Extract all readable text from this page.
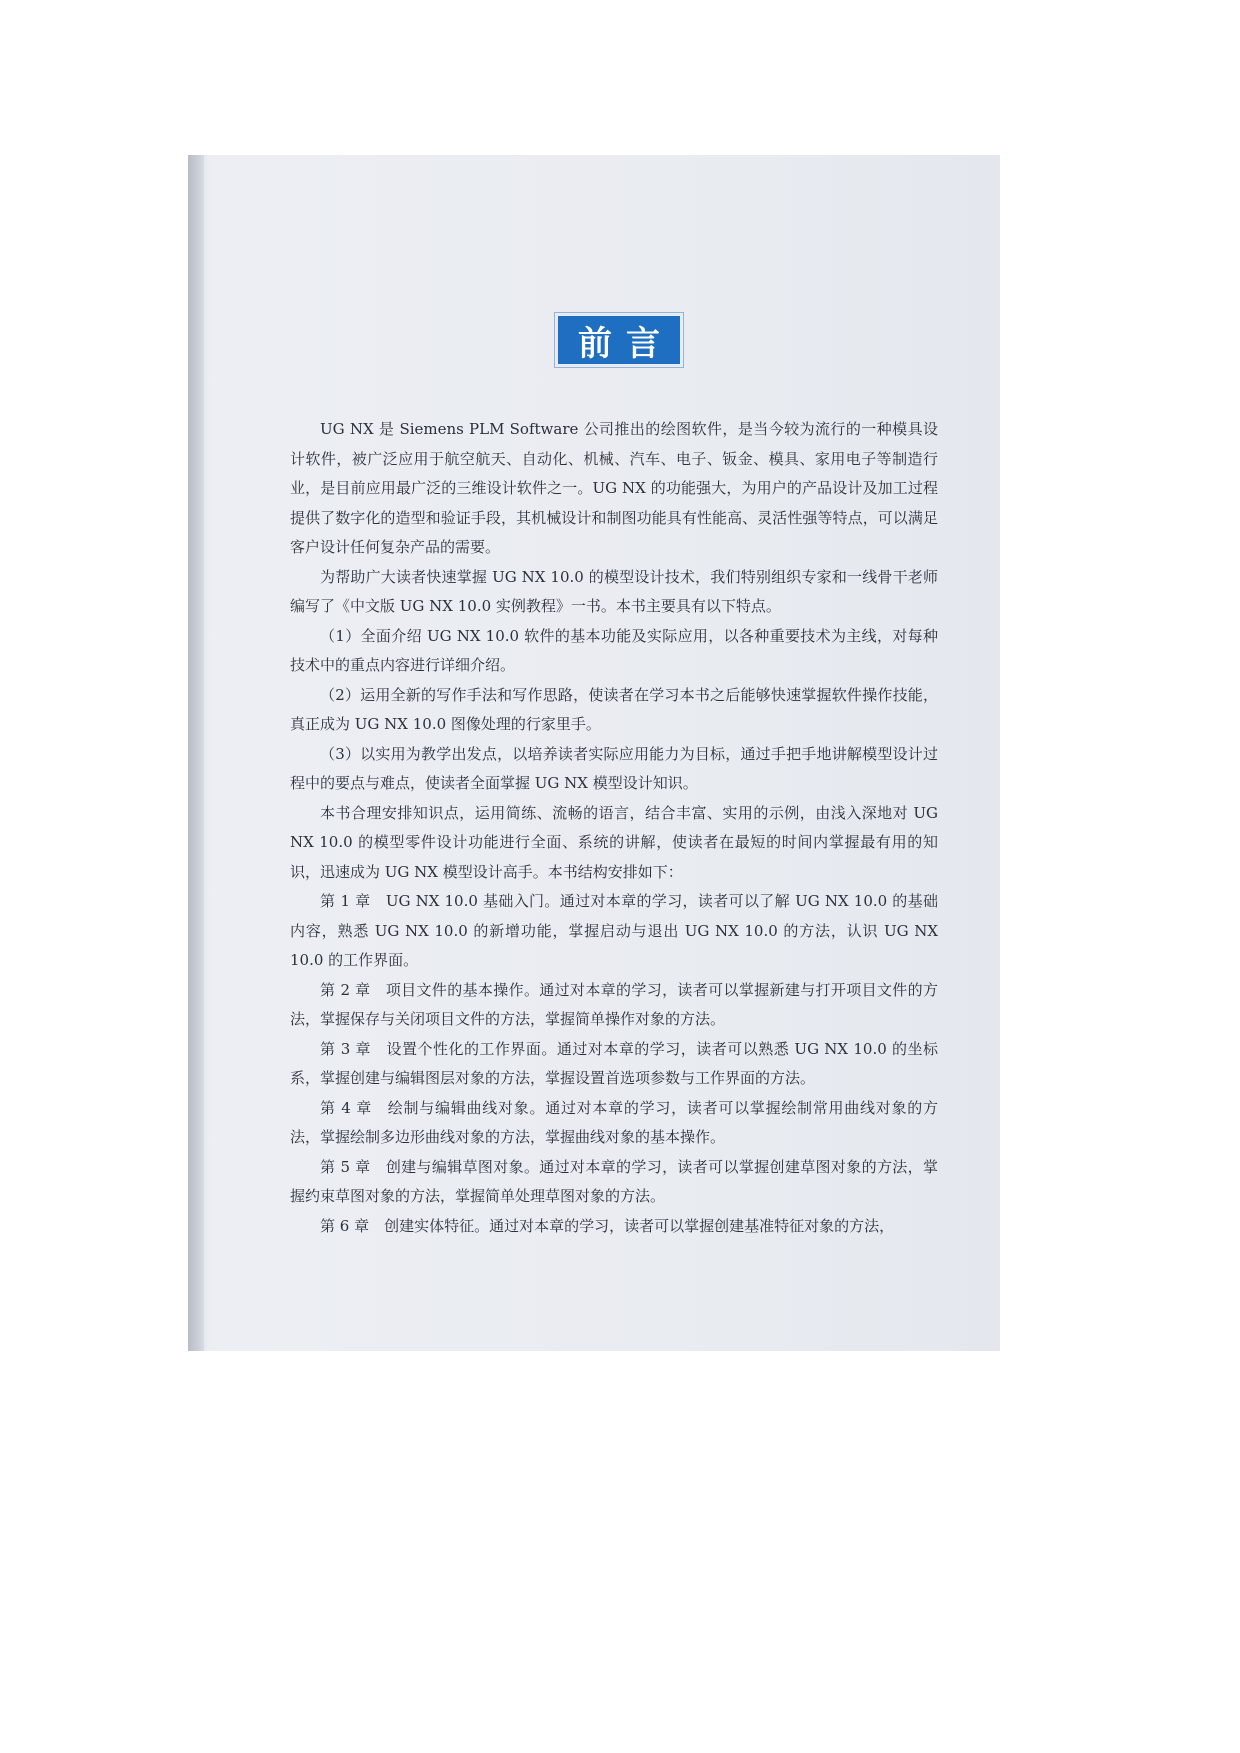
前言

UG NX 是 Siemens PLM Software 公司推出的绘图软件，是当今较为流行的一种模具设计软件，被广泛应用于航空航天、自动化、机械、汽车、电子、钣金、模具、家用电子等制造行业，是目前应用最广泛的三维设计软件之一。UG NX 的功能强大，为用户的产品设计及加工过程提供了数字化的造型和验证手段，其机械设计和制图功能具有性能高、灵活性强等特点，可以满足客户设计任何复杂产品的需要。

为帮助广大读者快速掌握 UG NX 10.0 的模型设计技术，我们特别组织专家和一线骨干老师编写了《中文版 UG NX 10.0 实例教程》一书。本书主要具有以下特点。

（1）全面介绍 UG NX 10.0 软件的基本功能及实际应用，以各种重要技术为主线，对每种技术中的重点内容进行详细介绍。

（2）运用全新的写作手法和写作思路，使读者在学习本书之后能够快速掌握软件操作技能，真正成为 UG NX 10.0 图像处理的行家里手。

（3）以实用为教学出发点，以培养读者实际应用能力为目标，通过手把手地讲解模型设计过程中的要点与难点，使读者全面掌握 UG NX 模型设计知识。

本书合理安排知识点，运用简练、流畅的语言，结合丰富、实用的示例，由浅入深地对 UG NX 10.0 的模型零件设计功能进行全面、系统的讲解，使读者在最短的时间内掌握最有用的知识，迅速成为 UG NX 模型设计高手。本书结构安排如下：

第 1 章　UG NX 10.0 基础入门。通过对本章的学习，读者可以了解 UG NX 10.0 的基础内容，熟悉 UG NX 10.0 的新增功能，掌握启动与退出 UG NX 10.0 的方法，认识 UG NX 10.0 的工作界面。

第 2 章　项目文件的基本操作。通过对本章的学习，读者可以掌握新建与打开项目文件的方法，掌握保存与关闭项目文件的方法，掌握简单操作对象的方法。

第 3 章　设置个性化的工作界面。通过对本章的学习，读者可以熟悉 UG NX 10.0 的坐标系，掌握创建与编辑图层对象的方法，掌握设置首选项参数与工作界面的方法。

第 4 章　绘制与编辑曲线对象。通过对本章的学习，读者可以掌握绘制常用曲线对象的方法，掌握绘制多边形曲线对象的方法，掌握曲线对象的基本操作。

第 5 章　创建与编辑草图对象。通过对本章的学习，读者可以掌握创建草图对象的方法，掌握约束草图对象的方法，掌握简单处理草图对象的方法。

第 6 章　创建实体特征。通过对本章的学习，读者可以掌握创建基准特征对象的方法，
